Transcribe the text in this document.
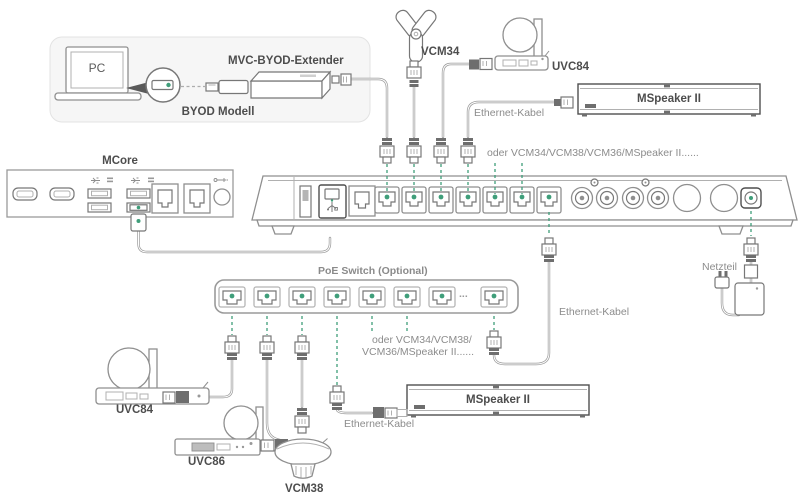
PC	MVC-BYOD-Extender
BYOD Modell
VCM34
UVC84
MSpeaker II
Ethernet-Kabel
oder VCM34/VCM38/VCM36/MSpeaker II......
MCore
Netzteil
Ethernet-Kabel
PoE Switch (Optional)
...
oder VCM34/VCM38/
VCM36/MSpeaker II......
UVC84
UVC86
VCM38
MSpeaker II
Ethernet-Kabel
